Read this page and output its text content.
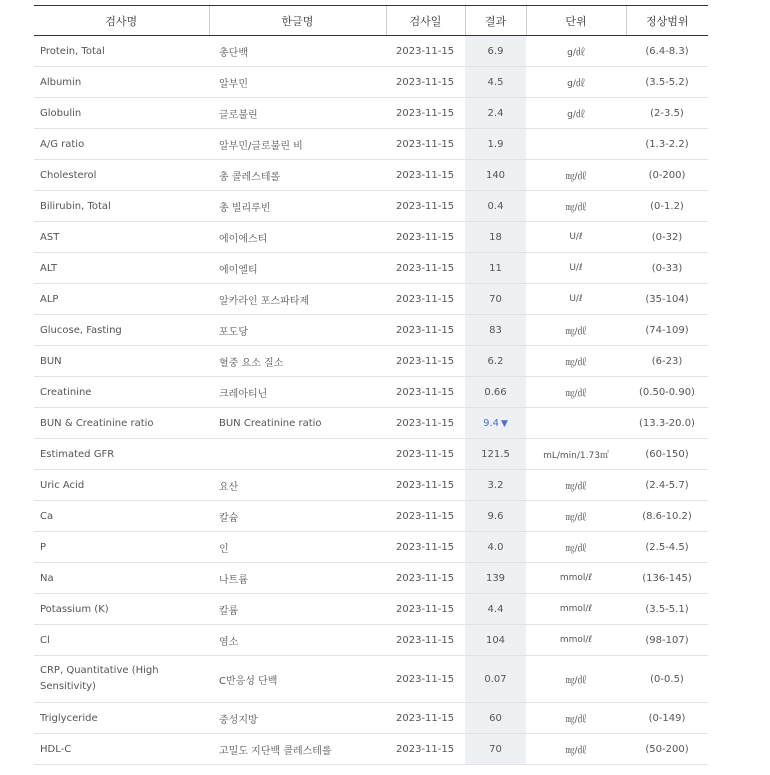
검사명	한글명	검사일	결과	단위	정상범위
Protein, Total	총단백	2023-11-15	6.9	g/㎗	(6.4-8.3)
Albumin	알부민	2023-11-15	4.5	g/㎗	(3.5-5.2)
Globulin	글로불린	2023-11-15	2.4	g/㎗	(2-3.5)
A/G ratio	알부민/글로불린 비	2023-11-15	1.9		(1.3-2.2)
Cholesterol	총 콜레스테롤	2023-11-15	140	㎎/㎗	(0-200)
Bilirubin, Total	총 빌리루빈	2023-11-15	0.4	㎎/㎗	(0-1.2)
AST	에이에스티	2023-11-15	18	U/ℓ	(0-32)
ALT	에이엘티	2023-11-15	11	U/ℓ	(0-33)
ALP	알카라인 포스파타제	2023-11-15	70	U/ℓ	(35-104)
Glucose, Fasting	포도당	2023-11-15	83	㎎/㎗	(74-109)
BUN	혈중 요소 질소	2023-11-15	6.2	㎎/㎗	(6-23)
Creatinine	크레아티닌	2023-11-15	0.66	㎎/㎗	(0.50-0.90)
BUN & Creatinine ratio	BUN Creatinine ratio	2023-11-15	9.4 ▼		(13.3-20.0)
Estimated GFR		2023-11-15	121.5	mL/min/1.73㎡	(60-150)
Uric Acid	요산	2023-11-15	3.2	㎎/㎗	(2.4-5.7)
Ca	칼슘	2023-11-15	9.6	㎎/㎗	(8.6-10.2)
P	인	2023-11-15	4.0	㎎/㎗	(2.5-4.5)
Na	나트륨	2023-11-15	139	mmol/ℓ	(136-145)
Potassium (K)	칼륨	2023-11-15	4.4	mmol/ℓ	(3.5-5.1)
Cl	염소	2023-11-15	104	mmol/ℓ	(98-107)
CRP, Quantitative (High Sensitivity)	C반응성 단백	2023-11-15	0.07	㎎/㎗	(0-0.5)
Triglyceride	중성지방	2023-11-15	60	㎎/㎗	(0-149)
HDL-C	고밀도 지단백 콜레스테롤	2023-11-15	70	㎎/㎗	(50-200)
